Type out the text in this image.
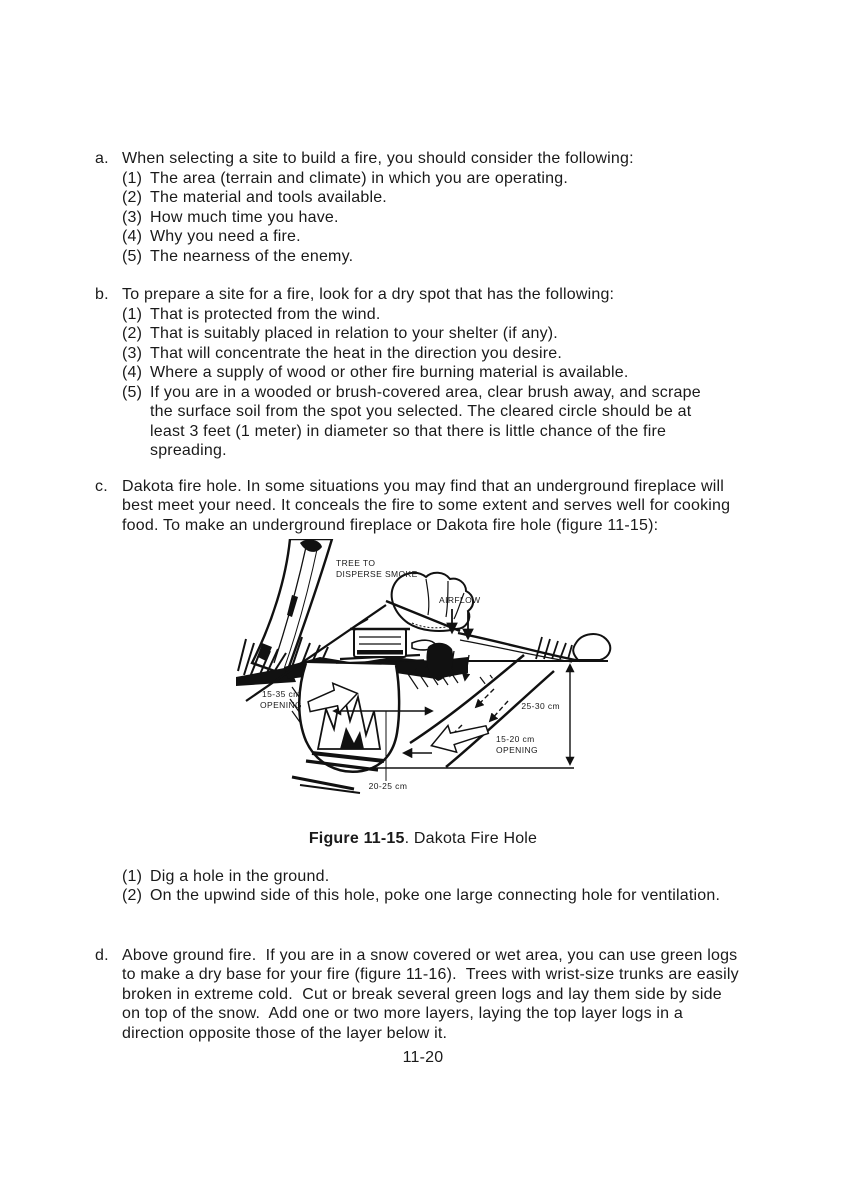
a. When selecting a site to build a fire, you should consider the following:
(1) The area (terrain and climate) in which you are operating.
(2) The material and tools available.
(3) How much time you have.
(4) Why you need a fire.
(5) The nearness of the enemy.
b. To prepare a site for a fire, look for a dry spot that has the following:
(1) That is protected from the wind.
(2) That is suitably placed in relation to your shelter (if any).
(3) That will concentrate the heat in the direction you desire.
(4) Where a supply of wood or other fire burning material is available.
(5) If you are in a wooded or brush-covered area, clear brush away, and scrape the surface soil from the spot you selected. The cleared circle should be at least 3 feet (1 meter) in diameter so that there is little chance of the fire spreading.
c. Dakota fire hole. In some situations you may find that an underground fireplace will best meet your need. It conceals the fire to some extent and serves well for cooking food. To make an underground fireplace or Dakota fire hole (figure 11-15):
TREE TO
DISPERSE SMOKE
AIRFLOW
15-35 cm
OPENING	25-30 cm
15-20 cm
OPENING
20-25 cm
Figure 11-15. Dakota Fire Hole
(1) Dig a hole in the ground.
(2) On the upwind side of this hole, poke one large connecting hole for ventilation.
d. Above ground fire.  If you are in a snow covered or wet area, you can use green logs to make a dry base for your fire (figure 11-16).  Trees with wrist-size trunks are easily broken in extreme cold.  Cut or break several green logs and lay them side by side on top of the snow.  Add one or two more layers, laying the top layer logs in a direction opposite those of the layer below it.
11-20
